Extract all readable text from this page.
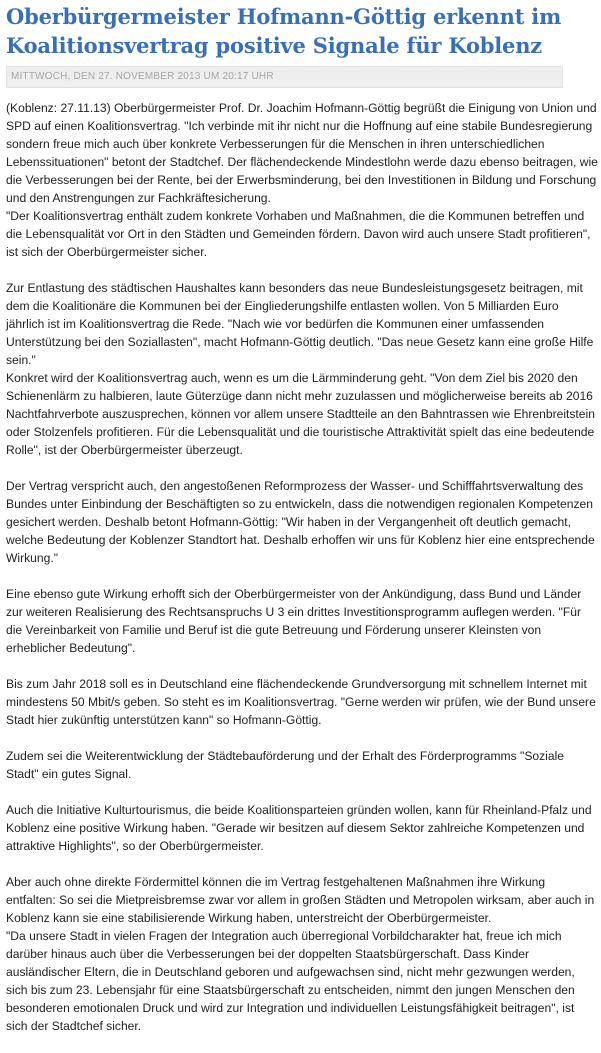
Oberbürgermeister Hofmann-Göttig erkennt im Koalitionsvertrag positive Signale für Koblenz
MITTWOCH, DEN 27. NOVEMBER 2013 UM 20:17 UHR

(Koblenz: 27.11.13) Oberbürgermeister Prof. Dr. Joachim Hofmann-Göttig begrüßt die Einigung von Union und SPD auf einen Koalitionsvertrag. "Ich verbinde mit ihr nicht nur die Hoffnung auf eine stabile Bundesregierung sondern freue mich auch über konkrete Verbesserungen für die Menschen in ihren unterschiedlichen Lebenssituationen" betont der Stadtchef. Der flächendeckende Mindestlohn werde dazu ebenso beitragen, wie die Verbesserungen bei der Rente, bei der Erwerbsminderung, bei den Investitionen in Bildung und Forschung und den Anstrengungen zur Fachkräftesicherung.
"Der Koalitionsvertrag enthält zudem konkrete Vorhaben und Maßnahmen, die die Kommunen betreffen und die Lebensqualität vor Ort in den Städten und Gemeinden fördern. Davon wird auch unsere Stadt profitieren", ist sich der Oberbürgermeister sicher.

Zur Entlastung des städtischen Haushaltes kann besonders das neue Bundesleistungsgesetz beitragen, mit dem die Koalitionäre die Kommunen bei der Eingliederungshilfe entlasten wollen. Von 5 Milliarden Euro jährlich ist im Koalitionsvertrag die Rede. "Nach wie vor bedürfen die Kommunen einer umfassenden Unterstützung bei den Soziallasten", macht Hofmann-Göttig deutlich. "Das neue Gesetz kann eine große Hilfe sein."
Konkret wird der Koalitionsvertrag auch, wenn es um die Lärmminderung geht. "Von dem Ziel bis 2020 den Schienenlärm zu halbieren, laute Güterzüge dann nicht mehr zuzulassen und möglicherweise bereits ab 2016 Nachtfahrverbote auszusprechen, können vor allem unsere Stadtteile an den Bahntrassen wie Ehrenbreitstein oder Stolzenfels profitieren. Für die Lebensqualität und die touristische Attraktivität spielt das eine bedeutende Rolle", ist der Oberbürgermeister überzeugt.

Der Vertrag verspricht auch, den angestoßenen Reformprozess der Wasser- und Schifffahrtsverwaltung des Bundes unter Einbindung der Beschäftigten so zu entwickeln, dass die notwendigen regionalen Kompetenzen gesichert werden. Deshalb betont Hofmann-Göttig: "Wir haben in der Vergangenheit oft deutlich gemacht, welche Bedeutung der Koblenzer Standtort hat. Deshalb erhoffen wir uns für Koblenz hier eine entsprechende Wirkung."

Eine ebenso gute Wirkung erhofft sich der Oberbürgermeister von der Ankündigung, dass Bund und Länder zur weiteren Realisierung des Rechtsanspruchs U 3 ein drittes Investitionsprogramm auflegen werden. "Für die Vereinbarkeit von Familie und Beruf ist die gute Betreuung und Förderung unserer Kleinsten von erheblicher Bedeutung".

Bis zum Jahr 2018 soll es in Deutschland eine flächendeckende Grundversorgung mit schnellem Internet mit mindestens 50 Mbit/s geben. So steht es im Koalitionsvertrag. "Gerne werden wir prüfen, wie der Bund unsere Stadt hier zukünftig unterstützen kann" so Hofmann-Göttig.

Zudem sei die Weiterentwicklung der Städtebauförderung und der Erhalt des Förderprogramms "Soziale Stadt" ein gutes Signal.

Auch die Initiative Kulturtourismus, die beide Koalitionsparteien gründen wollen, kann für Rheinland-Pfalz und Koblenz eine positive Wirkung haben. "Gerade wir besitzen auf diesem Sektor zahlreiche Kompetenzen und attraktive Highlights", so der Oberbürgermeister.

Aber auch ohne direkte Fördermittel können die im Vertrag festgehaltenen Maßnahmen ihre Wirkung entfalten: So sei die Mietpreisbremse zwar vor allem in großen Städten und Metropolen wirksam, aber auch in Koblenz kann sie eine stabilisierende Wirkung haben, unterstreicht der Oberbürgermeister.
"Da unsere Stadt in vielen Fragen der Integration auch überregional Vorbildcharakter hat, freue ich mich darüber hinaus auch über die Verbesserungen bei der doppelten Staatsbürgerschaft. Dass Kinder ausländischer Eltern, die in Deutschland geboren und aufgewachsen sind, nicht mehr gezwungen werden, sich bis zum 23. Lebensjahr für eine Staatsbürgerschaft zu entscheiden, nimmt den jungen Menschen den besonderen emotionalen Druck und wird zur Integration und individuellen Leistungsfähigkeit beitragen", ist sich der Stadtchef sicher.
